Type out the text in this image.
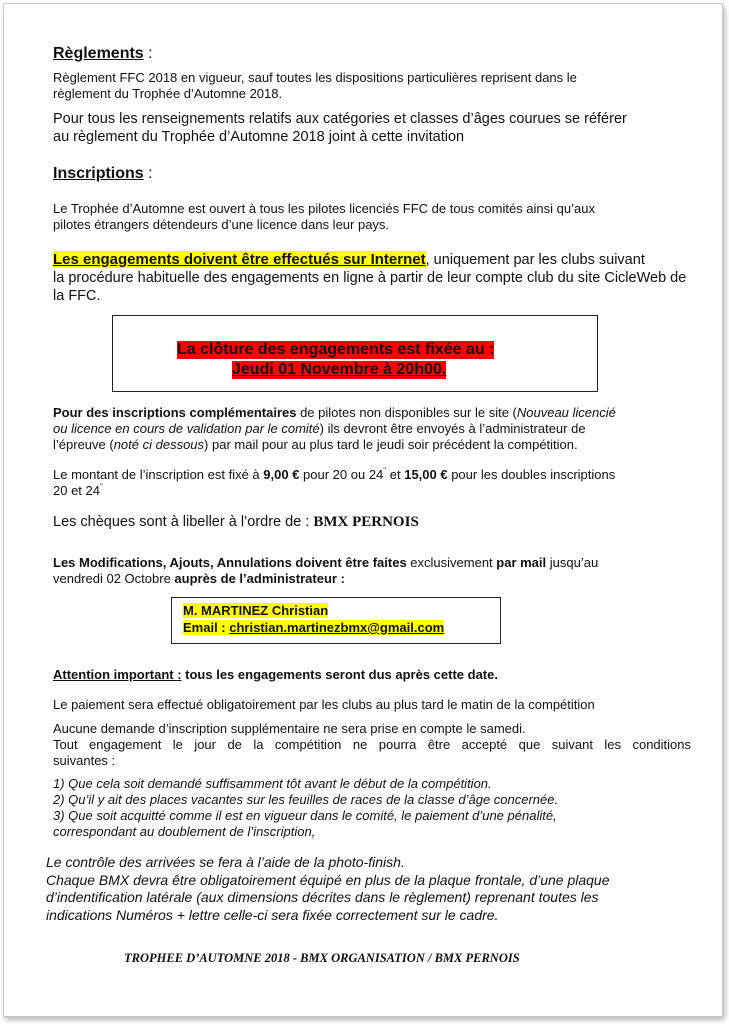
Règlements :
Règlement FFC 2018 en vigueur, sauf toutes les dispositions particulières reprisent dans le
règlement du Trophée d’Automne 2018.
Pour tous les renseignements relatifs aux catégories et classes d’âges courues se référer
au règlement du Trophée d’Automne 2018 joint à cette invitation
Inscriptions :
Le Trophée d’Automne est ouvert à tous les pilotes licenciés FFC de tous comités ainsi qu’aux
pilotes étrangers détendeurs d’une licence dans leur pays.
Les engagements doivent être effectués sur Internet, uniquement par les clubs suivant
la procédure habituelle des engagements en ligne à partir de leur compte club du site CicleWeb de
la FFC.
La clôture des engagements est fixée au :
Jeudi 01 Novembre à 20h00.
Pour des inscriptions complémentaires de pilotes non disponibles sur le site (Nouveau licencié
ou licence en cours de validation par le comité) ils devront être envoyés à l’administrateur de
l’épreuve (noté ci dessous) par mail pour au plus tard le jeudi soir précédent la compétition.
Le montant de l’inscription est fixé à 9,00 € pour 20 ou 24" et 15,00 € pour les doubles inscriptions
20 et 24"
Les chèques sont à libeller à l’ordre de : BMX PERNOIS
Les Modifications, Ajouts, Annulations doivent être faites exclusivement par mail jusqu’au
vendredi 02 Octobre auprès de l’administrateur :
M. MARTINEZ Christian
Email : christian.martinezbmx@gmail.com
Attention important : tous les engagements seront dus après cette date.
Le paiement sera effectué obligatoirement par les clubs au plus tard le matin de la compétition
Aucune demande d’inscription supplémentaire ne sera prise en compte le samedi.
Tout engagement le jour de la compétition ne pourra être accepté que suivant les conditions
suivantes :
1) Que cela soit demandé suffisamment tôt avant le début de la compétition.
2) Qu’il y ait des places vacantes sur les feuilles de races de la classe d’âge concernée.
3) Que soit acquitté comme il est en vigueur dans le comité, le paiement d’une pénalité,
correspondant au doublement de l’inscription,
Le contrôle des arrivées se fera à l’aide de la photo-finish.
Chaque BMX devra être obligatoirement équipé en plus de la plaque frontale, d’une plaque
d’indentification latérale (aux dimensions décrites dans le règlement) reprenant toutes les
indications Numéros + lettre celle-ci sera fixée correctement sur le cadre.
TROPHEE D’AUTOMNE 2018 - BMX ORGANISATION / BMX PERNOIS
